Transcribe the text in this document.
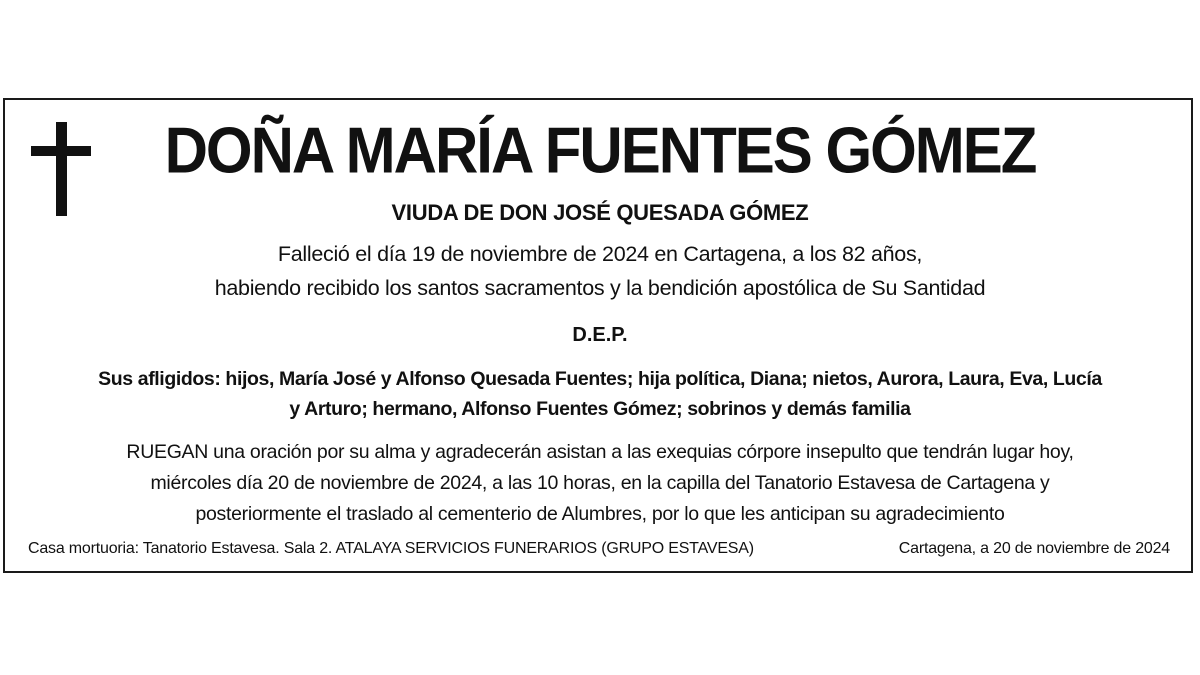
DOÑA MARÍA FUENTES GÓMEZ
VIUDA DE DON JOSÉ QUESADA GÓMEZ
Falleció el día 19 de noviembre de 2024 en Cartagena, a los 82 años,
habiendo recibido los santos sacramentos y la bendición apostólica de Su Santidad
D.E.P.
Sus afligidos: hijos, María José y Alfonso Quesada Fuentes; hija política, Diana; nietos, Aurora, Laura, Eva, Lucía
y Arturo; hermano, Alfonso Fuentes Gómez; sobrinos y demás familia
RUEGAN una oración por su alma y agradecerán asistan a las exequias córpore insepulto que tendrán lugar hoy,
miércoles día 20 de noviembre de 2024, a las 10 horas, en la capilla del Tanatorio Estavesa de Cartagena y
posteriormente el traslado al cementerio de Alumbres, por lo que les anticipan su agradecimiento
Casa mortuoria: Tanatorio Estavesa. Sala 2. ATALAYA SERVICIOS FUNERARIOS (GRUPO ESTAVESA)	Cartagena, a 20 de noviembre de 2024
